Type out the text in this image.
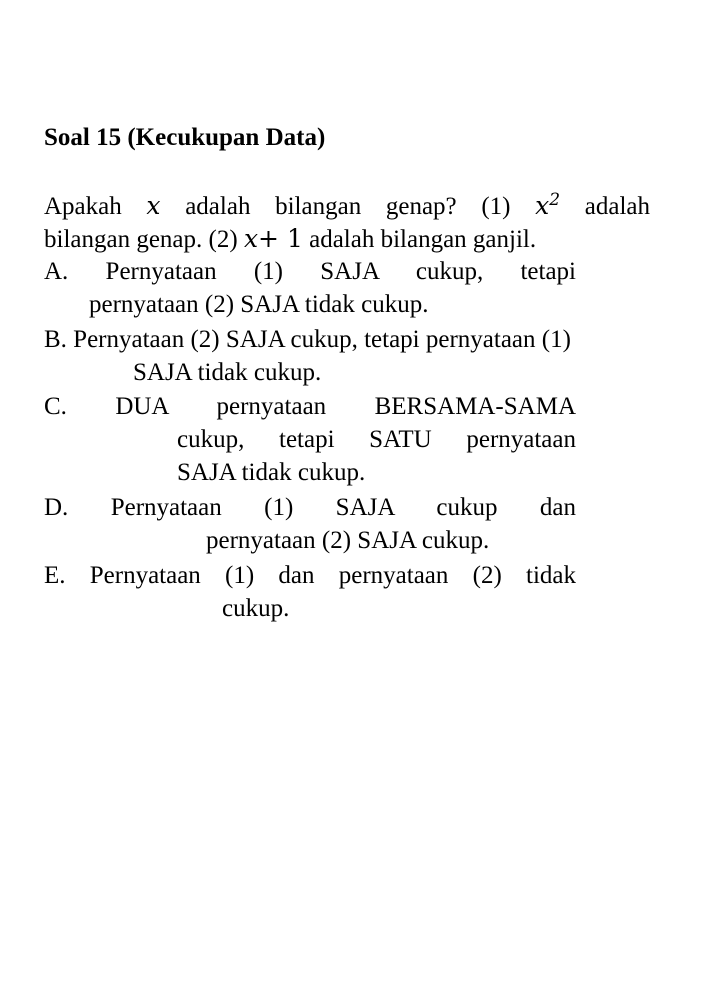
Soal 15 (Kecukupan Data)
Apakah x adalah bilangan genap? (1) $x^2$ adalah
bilangan genap. (2) x+ 1 adalah bilangan ganjil.
A. Pernyataan (1) SAJA cukup, tetapi
pernyataan (2) SAJA tidak cukup.
B. Pernyataan (2) SAJA cukup, tetapi pernyataan (1)
SAJA tidak cukup.
C. DUA pernyataan BERSAMA-SAMA
cukup, tetapi SATU pernyataan
SAJA tidak cukup.
D. Pernyataan (1) SAJA cukup dan
pernyataan (2) SAJA cukup.
E. Pernyataan (1) dan pernyataan (2) tidak
cukup.
